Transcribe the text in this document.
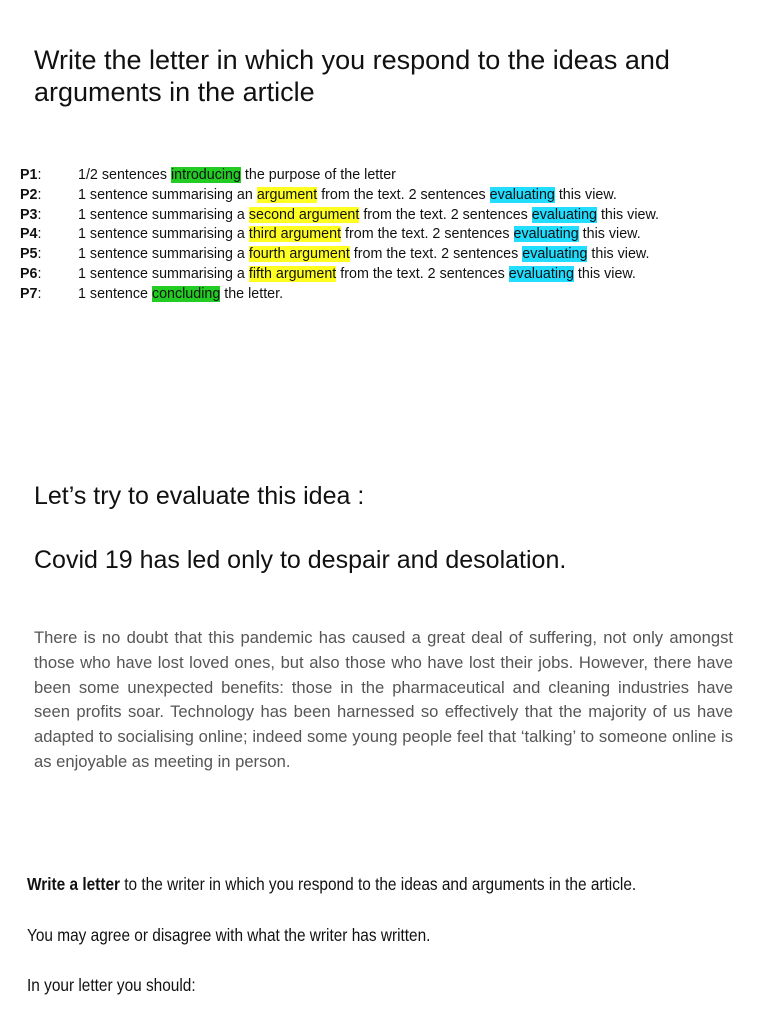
Write the letter in which you respond to the ideas and arguments in the article
P1:	1/2 sentences introducing the purpose of the letter
P2:	1 sentence summarising an argument from the text. 2 sentences evaluating this view.
P3:	1 sentence summarising a second argument from the text. 2 sentences evaluating this view.
P4:	1 sentence summarising a third argument from the text. 2 sentences evaluating this view.
P5:	1 sentence summarising a fourth argument from the text. 2 sentences evaluating this view.
P6:	1 sentence summarising a fifth argument from the text. 2 sentences evaluating this view.
P7:	1 sentence concluding the letter.

Let’s try to evaluate this idea :

Covid 19 has led only to despair and desolation.

There is no doubt that this pandemic has caused a great deal of suffering, not only amongst those who have lost loved ones, but also those who have lost their jobs. However, there have been some unexpected benefits: those in the pharmaceutical and cleaning industries have seen profits soar. Technology has been harnessed so effectively that the majority of us have adapted to socialising online; indeed some young people feel that ‘talking’ to someone online is as enjoyable as meeting in person.

Write a letter to the writer in which you respond to the ideas and arguments in the article.

You may agree or disagree with what the writer has written.

In your letter you should:
